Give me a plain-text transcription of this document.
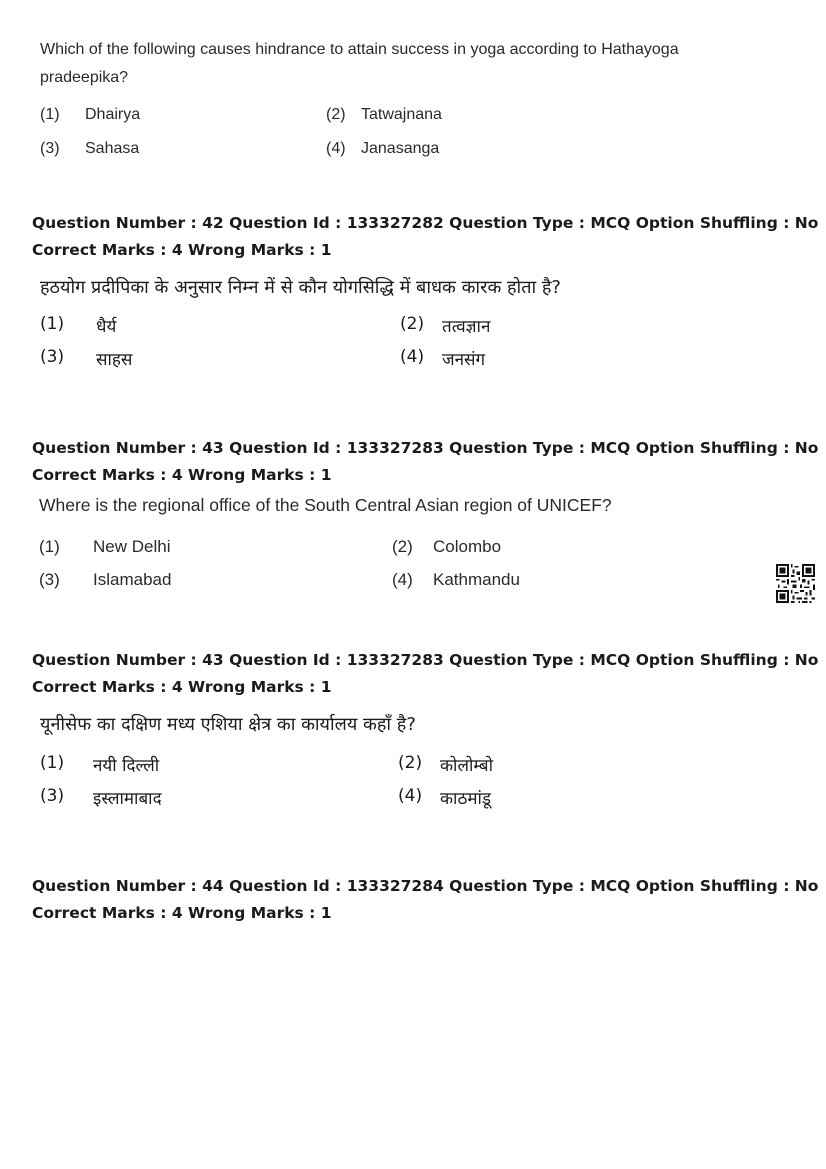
Which of the following causes hindrance to attain success in yoga according to Hathayoga
pradeepika?
(1) Dhairya	(2) Tatwajnana
(3) Sahasa	(4) Janasanga
Question Number : 42 Question Id : 133327282 Question Type : MCQ Option Shuffling : No
Correct Marks : 4 Wrong Marks : 1
हठयोग प्रदीपिका के अनुसार निम्न में से कौन योगसिद्धि में बाधक कारक होता है?
(1) धैर्य	(2) तत्वज्ञान
(3) साहस	(4) जनसंग
Question Number : 43 Question Id : 133327283 Question Type : MCQ Option Shuffling : No
Correct Marks : 4 Wrong Marks : 1
Where is the regional office of the South Central Asian region of UNICEF?
(1) New Delhi	(2) Colombo
(3) Islamabad	(4) Kathmandu
Question Number : 43 Question Id : 133327283 Question Type : MCQ Option Shuffling : No
Correct Marks : 4 Wrong Marks : 1
यूनीसेफ का दक्षिण मध्य एशिया क्षेत्र का कार्यालय कहाँ है?
(1) नयी दिल्ली	(2) कोलोम्बो
(3) इस्लामाबाद	(4) काठमांडू
Question Number : 44 Question Id : 133327284 Question Type : MCQ Option Shuffling : No
Correct Marks : 4 Wrong Marks : 1
